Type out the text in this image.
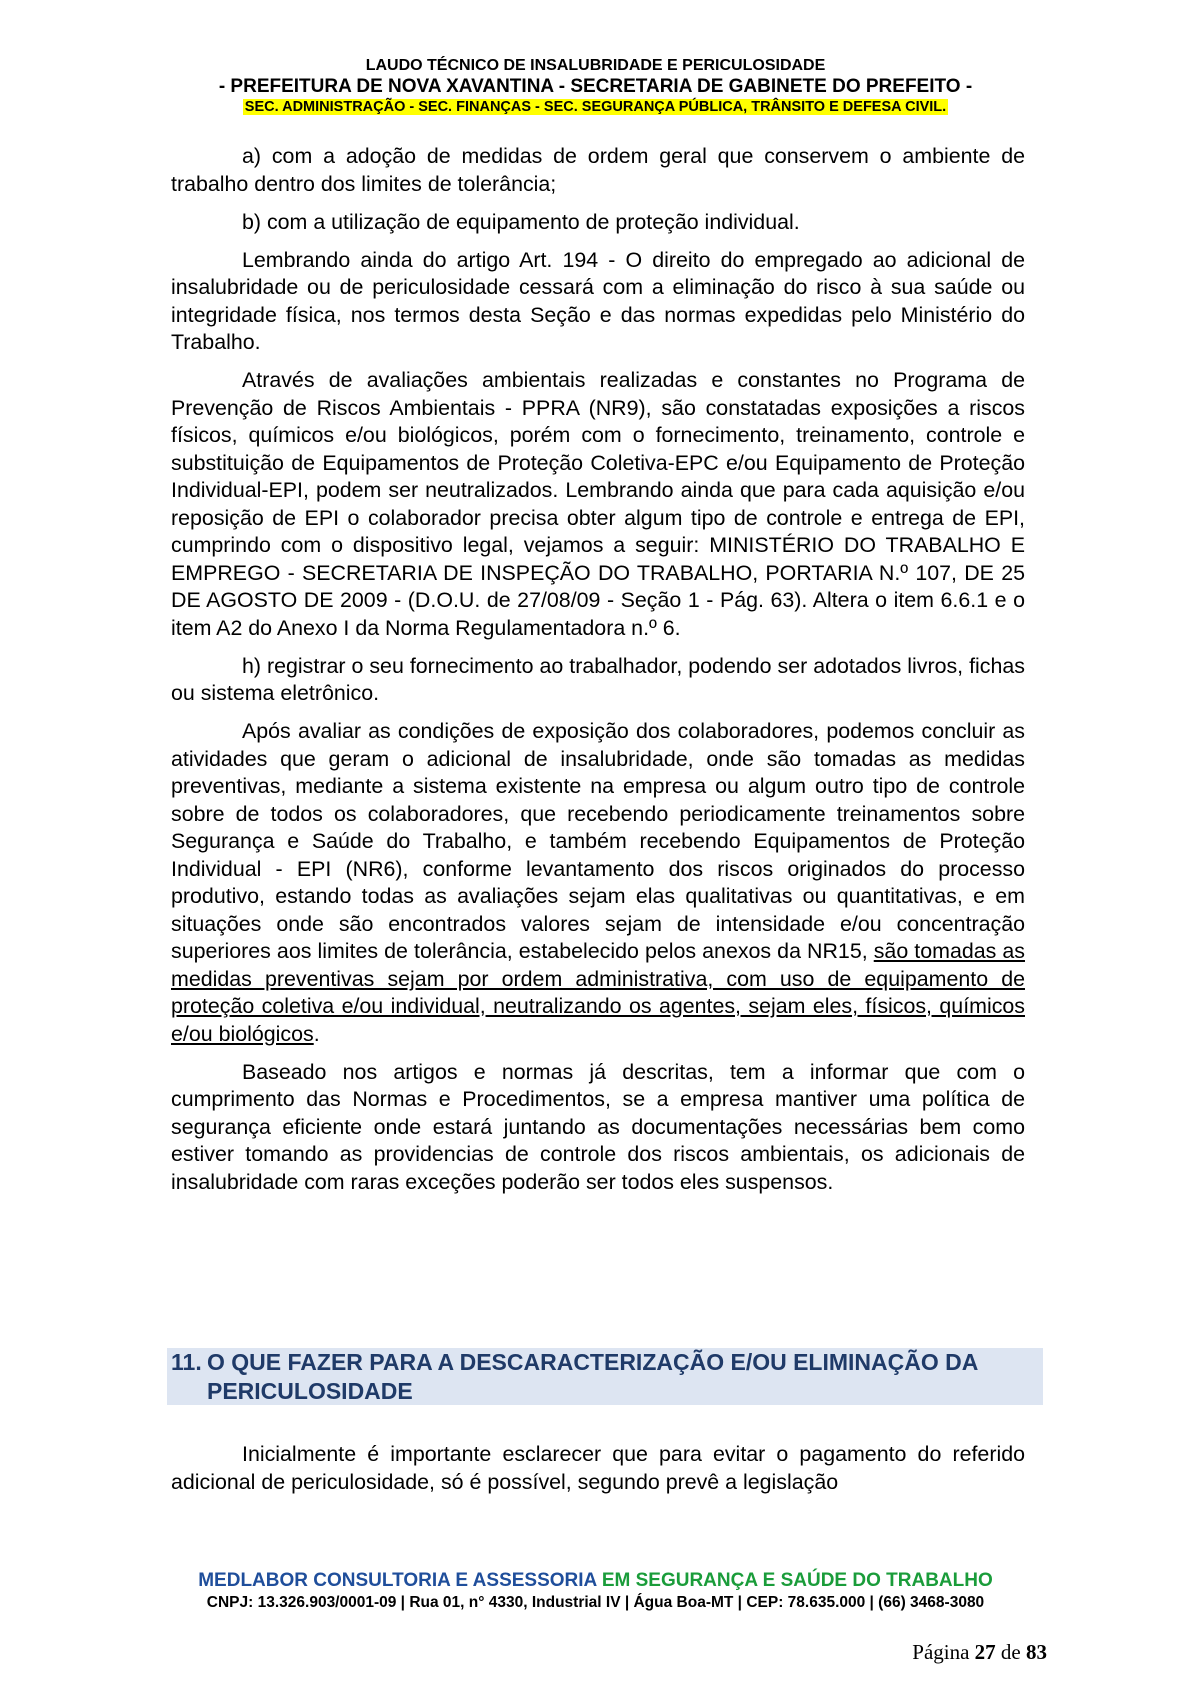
LAUDO TÉCNICO DE INSALUBRIDADE E PERICULOSIDADE
- PREFEITURA DE NOVA XAVANTINA - SECRETARIA DE GABINETE DO PREFEITO -
SEC. ADMINISTRAÇÃO - SEC. FINANÇAS - SEC. SEGURANÇA PÚBLICA, TRÂNSITO E DEFESA CIVIL.

a) com a adoção de medidas de ordem geral que conservem o ambiente de trabalho dentro dos limites de tolerância;

b) com a utilização de equipamento de proteção individual.

Lembrando ainda do artigo Art. 194 - O direito do empregado ao adicional de insalubridade ou de periculosidade cessará com a eliminação do risco à sua saúde ou integridade física, nos termos desta Seção e das normas expedidas pelo Ministério do Trabalho.

Através de avaliações ambientais realizadas e constantes no Programa de Prevenção de Riscos Ambientais - PPRA (NR9), são constatadas exposições a riscos físicos, químicos e/ou biológicos, porém com o fornecimento, treinamento, controle e substituição de Equipamentos de Proteção Coletiva-EPC e/ou Equipamento de Proteção Individual-EPI, podem ser neutralizados. Lembrando ainda que para cada aquisição e/ou reposição de EPI o colaborador precisa obter algum tipo de controle e entrega de EPI, cumprindo com o dispositivo legal, vejamos a seguir: MINISTÉRIO DO TRABALHO E EMPREGO - SECRETARIA DE INSPEÇÃO DO TRABALHO, PORTARIA N.º 107, DE 25 DE AGOSTO DE 2009 - (D.O.U. de 27/08/09 - Seção 1 - Pág. 63). Altera o item 6.6.1 e o item A2 do Anexo I da Norma Regulamentadora n.º 6.

h) registrar o seu fornecimento ao trabalhador, podendo ser adotados livros, fichas ou sistema eletrônico.

Após avaliar as condições de exposição dos colaboradores, podemos concluir as atividades que geram o adicional de insalubridade, onde são tomadas as medidas preventivas, mediante a sistema existente na empresa ou algum outro tipo de controle sobre de todos os colaboradores, que recebendo periodicamente treinamentos sobre Segurança e Saúde do Trabalho, e também recebendo Equipamentos de Proteção Individual - EPI (NR6), conforme levantamento dos riscos originados do processo produtivo, estando todas as avaliações sejam elas qualitativas ou quantitativas, e em situações onde são encontrados valores sejam de intensidade e/ou concentração superiores aos limites de tolerância, estabelecido pelos anexos da NR15, são tomadas as medidas preventivas sejam por ordem administrativa, com uso de equipamento de proteção coletiva e/ou individual, neutralizando os agentes, sejam eles, físicos, químicos e/ou biológicos.

Baseado nos artigos e normas já descritas, tem a informar que com o cumprimento das Normas e Procedimentos, se a empresa mantiver uma política de segurança eficiente onde estará juntando as documentações necessárias bem como estiver tomando as providencias de controle dos riscos ambientais, os adicionais de insalubridade com raras exceções poderão ser todos eles suspensos.

11. O QUE FAZER PARA A DESCARACTERIZAÇÃO E/OU ELIMINAÇÃO DA
PERICULOSIDADE

Inicialmente é importante esclarecer que para evitar o pagamento do referido adicional de periculosidade, só é possível, segundo prevê a legislação

MEDLABOR CONSULTORIA E ASSESSORIA EM SEGURANÇA E SAÚDE DO TRABALHO
CNPJ: 13.326.903/0001-09 | Rua 01, n° 4330, Industrial IV | Água Boa-MT | CEP: 78.635.000 | (66) 3468-3080
Página 27 de 83
